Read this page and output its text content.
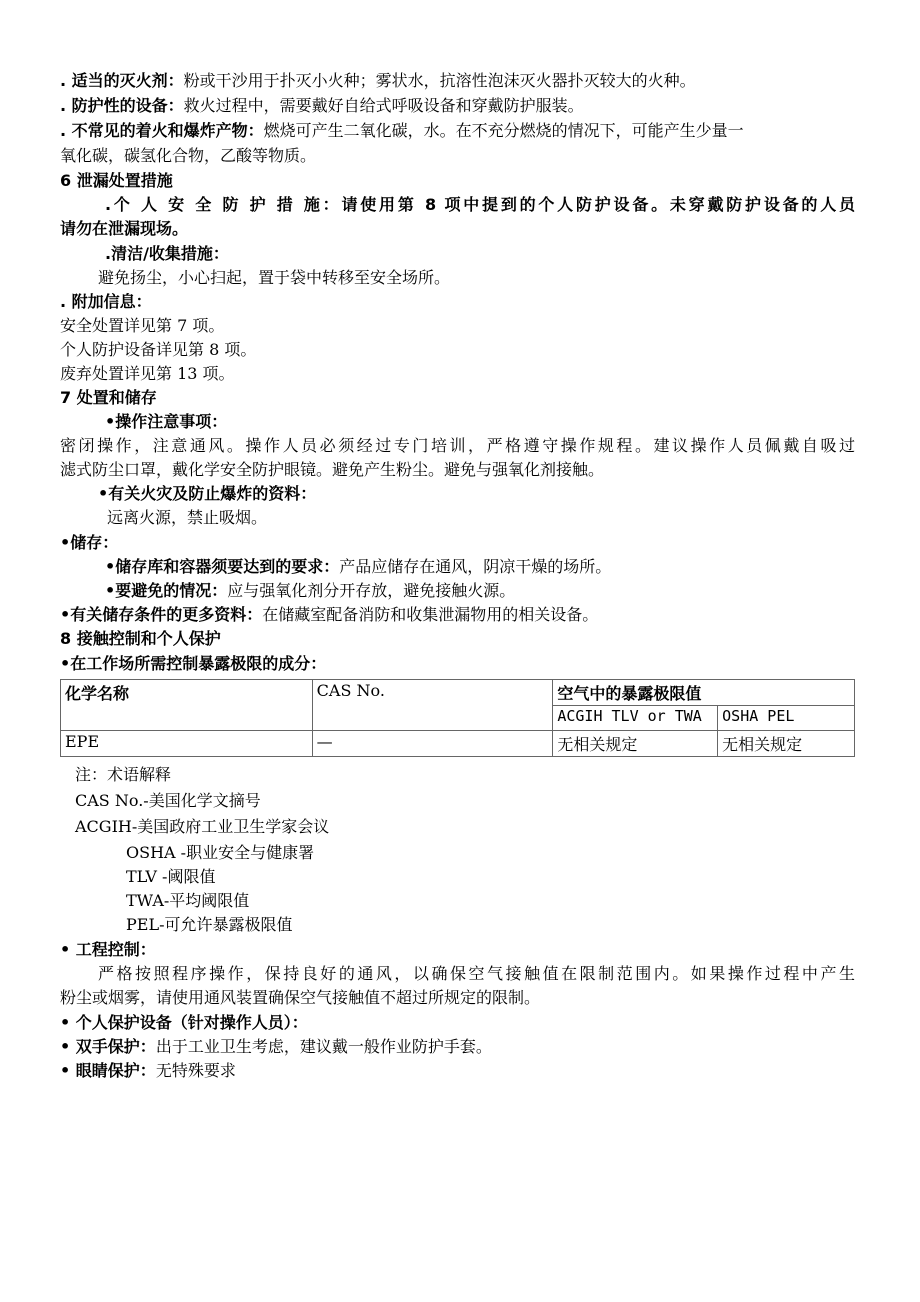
. 适当的灭火剂：粉或干沙用于扑灭小火种；雾状水，抗溶性泡沫灭火器扑灭较大的火种。
. 防护性的设备：救火过程中，需要戴好自给式呼吸设备和穿戴防护服装。
. 不常见的着火和爆炸产物：燃烧可产生二氧化碳，水。在不充分燃烧的情况下，可能产生少量一
氧化碳，碳氢化合物，乙酸等物质。
6 泄漏处置措施
.个 人 安 全 防 护 措 施：请使用第 8 项中提到的个人防护设备。未穿戴防护设备的人员
请勿在泄漏现场。
.清洁/收集措施：
避免扬尘，小心扫起，置于袋中转移至安全场所。
. 附加信息：
安全处置详见第 7 项。
个人防护设备详见第 8 项。
废弃处置详见第 13 项。
7 处置和储存
•操作注意事项：
密闭操作，注意通风。操作人员必须经过专门培训，严格遵守操作规程。建议操作人员佩戴自吸过
滤式防尘口罩，戴化学安全防护眼镜。避免产生粉尘。避免与强氧化剂接触。
•有关火灾及防止爆炸的资料：
远离火源，禁止吸烟。
•储存：
•储存库和容器须要达到的要求：产品应储存在通风，阴凉干燥的场所。
•要避免的情况：应与强氧化剂分开存放，避免接触火源。
•有关储存条件的更多资料：在储藏室配备消防和收集泄漏物用的相关设备。
8 接触控制和个人保护
•在工作场所需控制暴露极限的成分：
化学名称	CAS No.	空气中的暴露极限值	
		ACGIH TLV or TWA	OSHA PEL
EPE	—	无相关规定	无相关规定
注：术语解释
CAS No.-美国化学文摘号
ACGIH-美国政府工业卫生学家会议
OSHA -职业安全与健康署
TLV -阈限值
TWA-平均阈限值
PEL-可允许暴露极限值
• 工程控制：
严格按照程序操作，保持良好的通风，以确保空气接触值在限制范围内。如果操作过程中产生
粉尘或烟雾，请使用通风装置确保空气接触值不超过所规定的限制。
• 个人保护设备（针对操作人员）：
• 双手保护：出于工业卫生考虑，建议戴一般作业防护手套。
• 眼睛保护：无特殊要求
